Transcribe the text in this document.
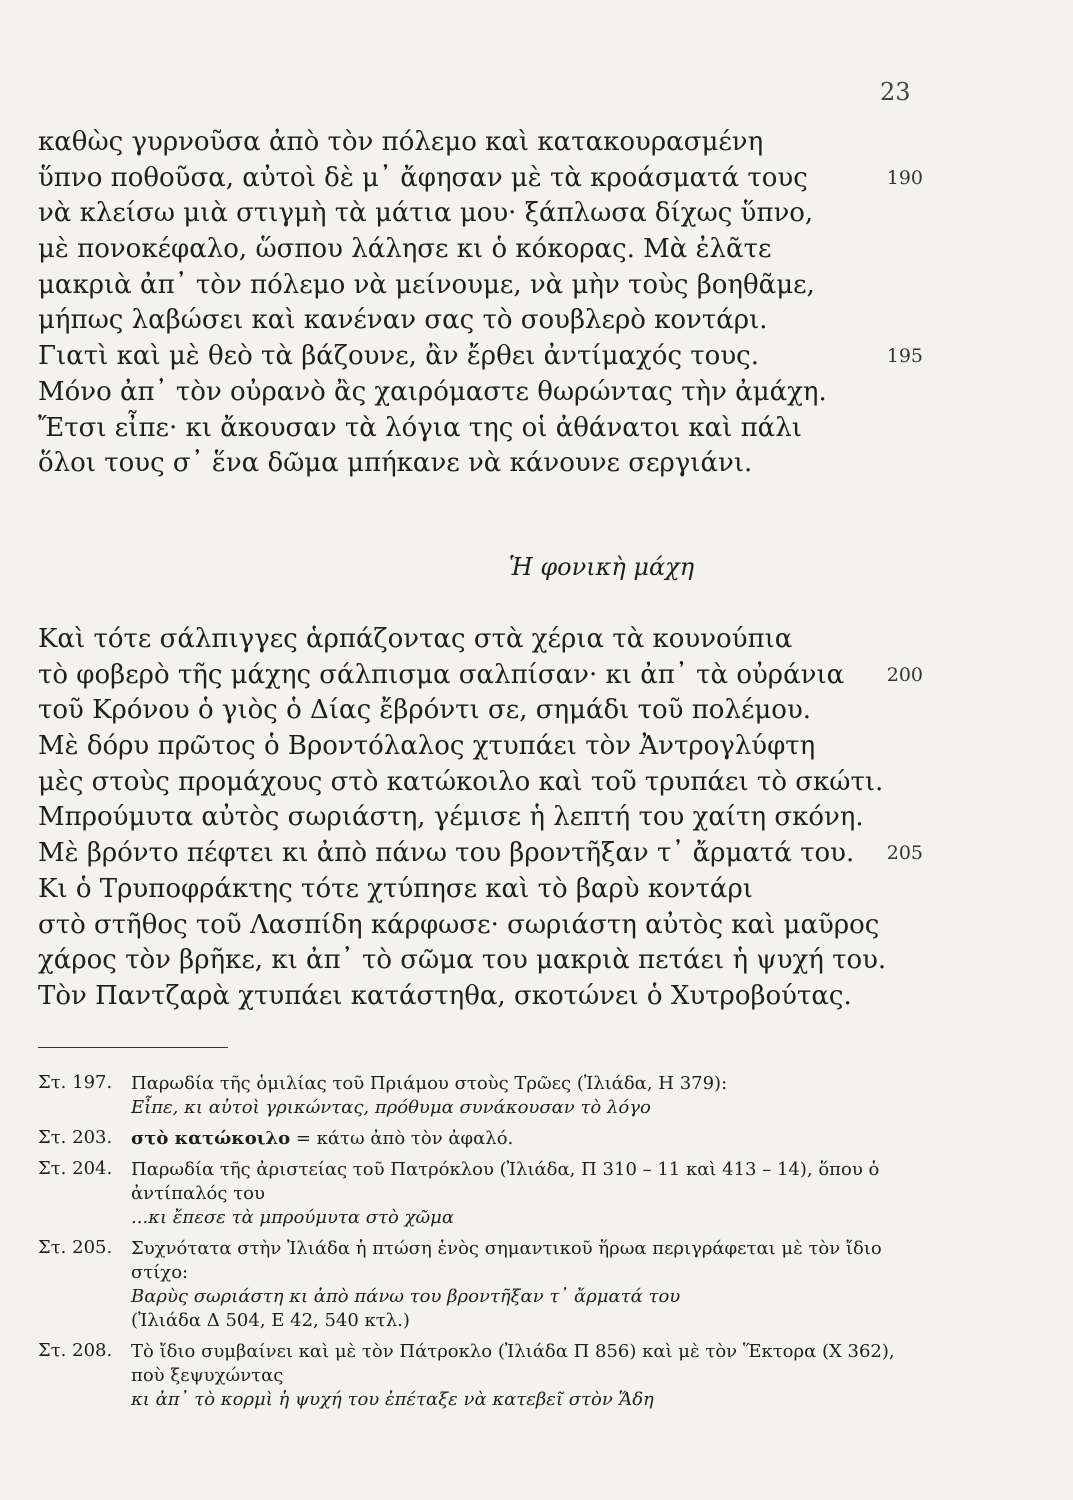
23
καθὼς γυρνοῦσα ἀπὸ τὸν πόλεμο καὶ κατακουρασμένη
ὕπνο ποθοῦσα, αὐτοὶ δὲ μ᾽ ἄφησαν μὲ τὰ κροάσματά τους	190
νὰ κλείσω μιὰ στιγμὴ τὰ μάτια μου· ξάπλωσα δίχως ὕπνο,
μὲ πονοκέφαλο, ὥσπου λάλησε κι ὁ κόκορας. Μὰ ἐλᾶτε
μακριὰ ἀπ᾽ τὸν πόλεμο νὰ μείνουμε, νὰ μὴν τοὺς βοηθᾶμε,
μήπως λαβώσει καὶ κανέναν σας τὸ σουβλερὸ κοντάρι.
Γιατὶ καὶ μὲ θεὸ τὰ βάζουνε, ἂν ἔρθει ἀντίμαχός τους.	195
Μόνο ἀπ᾽ τὸν οὐρανὸ ἂς χαιρόμαστε θωρώντας τὴν ἀμάχη.
Ἔτσι εἶπε· κι ἄκουσαν τὰ λόγια της οἱ ἀθάνατοι καὶ πάλι
ὅλοι τους σ᾽ ἕνα δῶμα μπήκανε νὰ κάνουνε σεργιάνι.
Ἡ φονικὴ μάχη
Καὶ τότε σάλπιγγες ἁρπάζοντας στὰ χέρια τὰ κουνούπια
τὸ φοβερὸ τῆς μάχης σάλπισμα σαλπίσαν· κι ἀπ᾽ τὰ οὐράνια	200
τοῦ Κρόνου ὁ γιὸς ὁ Δίας ἔβρόντι σε, σημάδι τοῦ πολέμου.
Μὲ δόρυ πρῶτος ὁ Βροντόλαλος χτυπάει τὸν Ἀντρογλύφτη
μὲς στοὺς προμάχους στὸ κατώκοιλο καὶ τοῦ τρυπάει τὸ σκώτι.
Μπρούμυτα αὐτὸς σωριάστη, γέμισε ἡ λεπτή του χαίτη σκόνη.
Μὲ βρόντο πέφτει κι ἀπὸ πάνω του βροντῆξαν τ᾽ ἄρματά του.	205
Κι ὁ Τρυποφράκτης τότε χτύπησε καὶ τὸ βαρὺ κοντάρι
στὸ στῆθος τοῦ Λασπίδη κάρφωσε· σωριάστη αὐτὸς καὶ μαῦρος
χάρος τὸν βρῆκε, κι ἀπ᾽ τὸ σῶμα του μακριὰ πετάει ἡ ψυχή του.
Τὸν Παντζαρὰ χτυπάει κατάστηθα, σκοτώνει ὁ Χυτροβούτας.
Στ. 197. Παρωδία τῆς ὁμιλίας τοῦ Πριάμου στοὺς Τρῶες (Ἰλιάδα, Η 379):
Εἶπε, κι αὐτοὶ γρικώντας, πρόθυμα συνάκουσαν τὸ λόγο
Στ. 203. στὸ κατώκοιλο = κάτω ἀπὸ τὸν ἀφαλό.
Στ. 204. Παρωδία τῆς ἀριστείας τοῦ Πατρόκλου (Ἰλιάδα, Π 310 – 11 καὶ 413 – 14), ὅπου ὁ ἀντίπαλός του
...κι ἔπεσε τὰ μπρούμυτα στὸ χῶμα
Στ. 205. Συχνότατα στὴν Ἰλιάδα ἡ πτώση ἑνὸς σημαντικοῦ ἥρωα περιγράφεται μὲ τὸν ἴδιο στίχο:
Βαρὺς σωριάστη κι ἀπὸ πάνω του βροντῆξαν τ᾽ ἄρματά του
(Ἰλιάδα Δ 504, Ε 42, 540 κτλ.)
Στ. 208. Τὸ ἴδιο συμβαίνει καὶ μὲ τὸν Πάτροκλο (Ἰλιάδα Π 856) καὶ μὲ τὸν Ἕκτορα (Χ 362), ποὺ ξεψυχώντας
κι ἀπ᾽ τὸ κορμὶ ἡ ψυχή του ἐπέταξε νὰ κατεβεῖ στὸν Ἅδη
